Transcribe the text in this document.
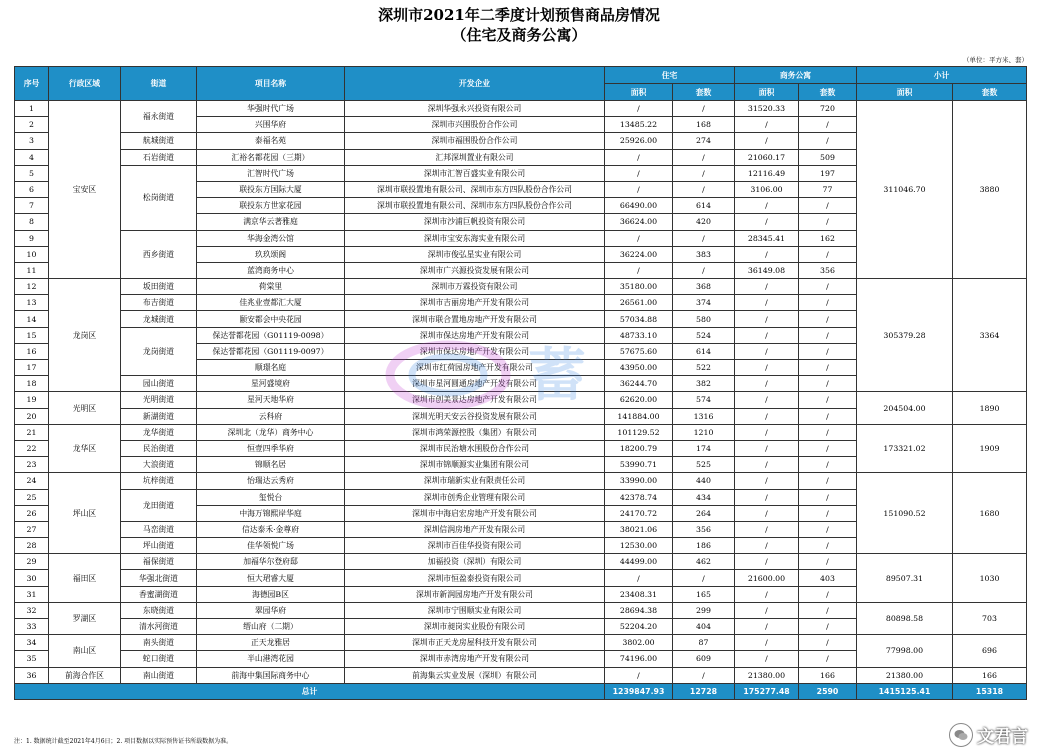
深圳市2021年二季度计划预售商品房情况
（住宅及商务公寓）
（单位：平方米、套）
序号	行政区域	街道	项目名称	开发企业	住宅		商务公寓		小计	
					面积	套数	面积	套数	面积	套数
1	宝安区	福永街道	华强时代广场	深圳华强永兴投资有限公司	/	/	31520.33	720	311046.70	3880
2			兴围华府	深圳市兴围股份合作公司	13485.22	168	/	/		
3		航城街道	泰福名苑	深圳市福围股份合作公司	25926.00	274	/	/		
4		石岩街道	汇裕名都花园（三期）	汇邦深圳置业有限公司	/	/	21060.17	509		
5		松岗街道	汇智时代广场	深圳市汇智百盛实业有限公司	/	/	12116.49	197		
6			联投东方国际大厦	深圳市联投置地有限公司、深圳市东方四队股份合作公司	/	/	3106.00	77		
7			联投东方世家花园	深圳市联投置地有限公司、深圳市东方四队股份合作公司	66490.00	614	/	/		
8			满京华云著雅庭	深圳市沙浦巨帆投资有限公司	36624.00	420	/	/		
9		西乡街道	华海金湾公馆	深圳市宝安东海实业有限公司	/	/	28345.41	162		
10			玖玖颂阁	深圳市俊弘星实业有限公司	36224.00	383	/	/		
11			蓝湾商务中心	深圳市广兴源投资发展有限公司	/	/	36149.08	356		
12	龙岗区	坂田街道	荷棠里	深圳市万霖投资有限公司	35180.00	368	/	/	305379.28	3364
13		布吉街道	佳兆业壹都汇大厦	深圳市吉丽房地产开发有限公司	26561.00	374	/	/		
14		龙城街道	颐安都会中央花园	深圳市联合置地房地产开发有限公司	57034.88	580	/	/		
15		龙岗街道	保达誉都花园（G01119-0098）	深圳市保达房地产开发有限公司	48733.10	524	/	/		
16			保达誉都花园（G01119-0097）	深圳市保达房地产开发有限公司	57675.60	614	/	/		
17			顺璟名庭	深圳市红荷园房地产开发有限公司	43950.00	522	/	/		
18		园山街道	星河盛境府	深圳市星河圆通房地产开发有限公司	36244.70	382	/	/		
19	光明区	光明街道	星河天地华府	深圳市创美景达房地产开发有限公司	62620.00	574	/	/	204504.00	1890
20		新湖街道	云科府	深圳光明天安云谷投资发展有限公司	141884.00	1316	/	/		
21	龙华区	龙华街道	深圳北（龙华）商务中心	深圳市鸿荣源控股（集团）有限公司	101129.52	1210	/	/	173321.02	1909
22		民治街道	恒壹四季华府	深圳市民治塘水围股份合作公司	18200.79	174	/	/		
23		大浪街道	锦顺名居	深圳市锦顺源实业集团有限公司	53990.71	525	/	/		
24	坪山区	坑梓街道	怡瑞达云秀府	深圳市瑞新实业有限责任公司	33990.00	440	/	/	151090.52	1680
25		龙田街道	玺悦台	深圳市创秀企业管理有限公司	42378.74	434	/	/		
26			中海万锦熙岸华庭	深圳市中海启宏房地产开发有限公司	24170.72	264	/	/		
27		马峦街道	信达泰禾·金尊府	深圳信润房地产开发有限公司	38021.06	356	/	/		
28		坪山街道	佳华领悦广场	深圳市百佳华投资有限公司	12530.00	186	/	/		
29	福田区	福保街道	加福华尔登府邸	加福投资（深圳）有限公司	44499.00	462	/	/	89507.31	1030
30		华强北街道	恒大珺睿大厦	深圳市恒盈泰投资有限公司	/	/	21600.00	403		
31		香蜜湖街道	海德园B区	深圳市新润园房地产开发有限公司	23408.31	165	/	/		
32	罗湖区	东晓街道	翠园华府	深圳市宁围顺实业有限公司	28694.38	299	/	/	80898.58	703
33		清水河街道	缙山府（二期）	深圳市昶岗实业股份有限公司	52204.20	404	/	/		
34	南山区	南头街道	正天龙雅居	深圳市正天龙房屋科技开发有限公司	3802.00	87	/	/	77998.00	696
35		蛇口街道	半山港湾花园	深圳市赤湾房地产开发有限公司	74196.00	609	/	/		
36	前海合作区	南山街道	前海中集国际商务中心	前海集云实业发展（深圳）有限公司	/	/	21380.00	166	21380.00	166
总计					1239847.93	12728	175277.48	2590	1415125.41	15318
注：1. 数据统计截至2021年4月6日；2. 项目数据以实际预售证书所载数据为准。
蓄
文君言
